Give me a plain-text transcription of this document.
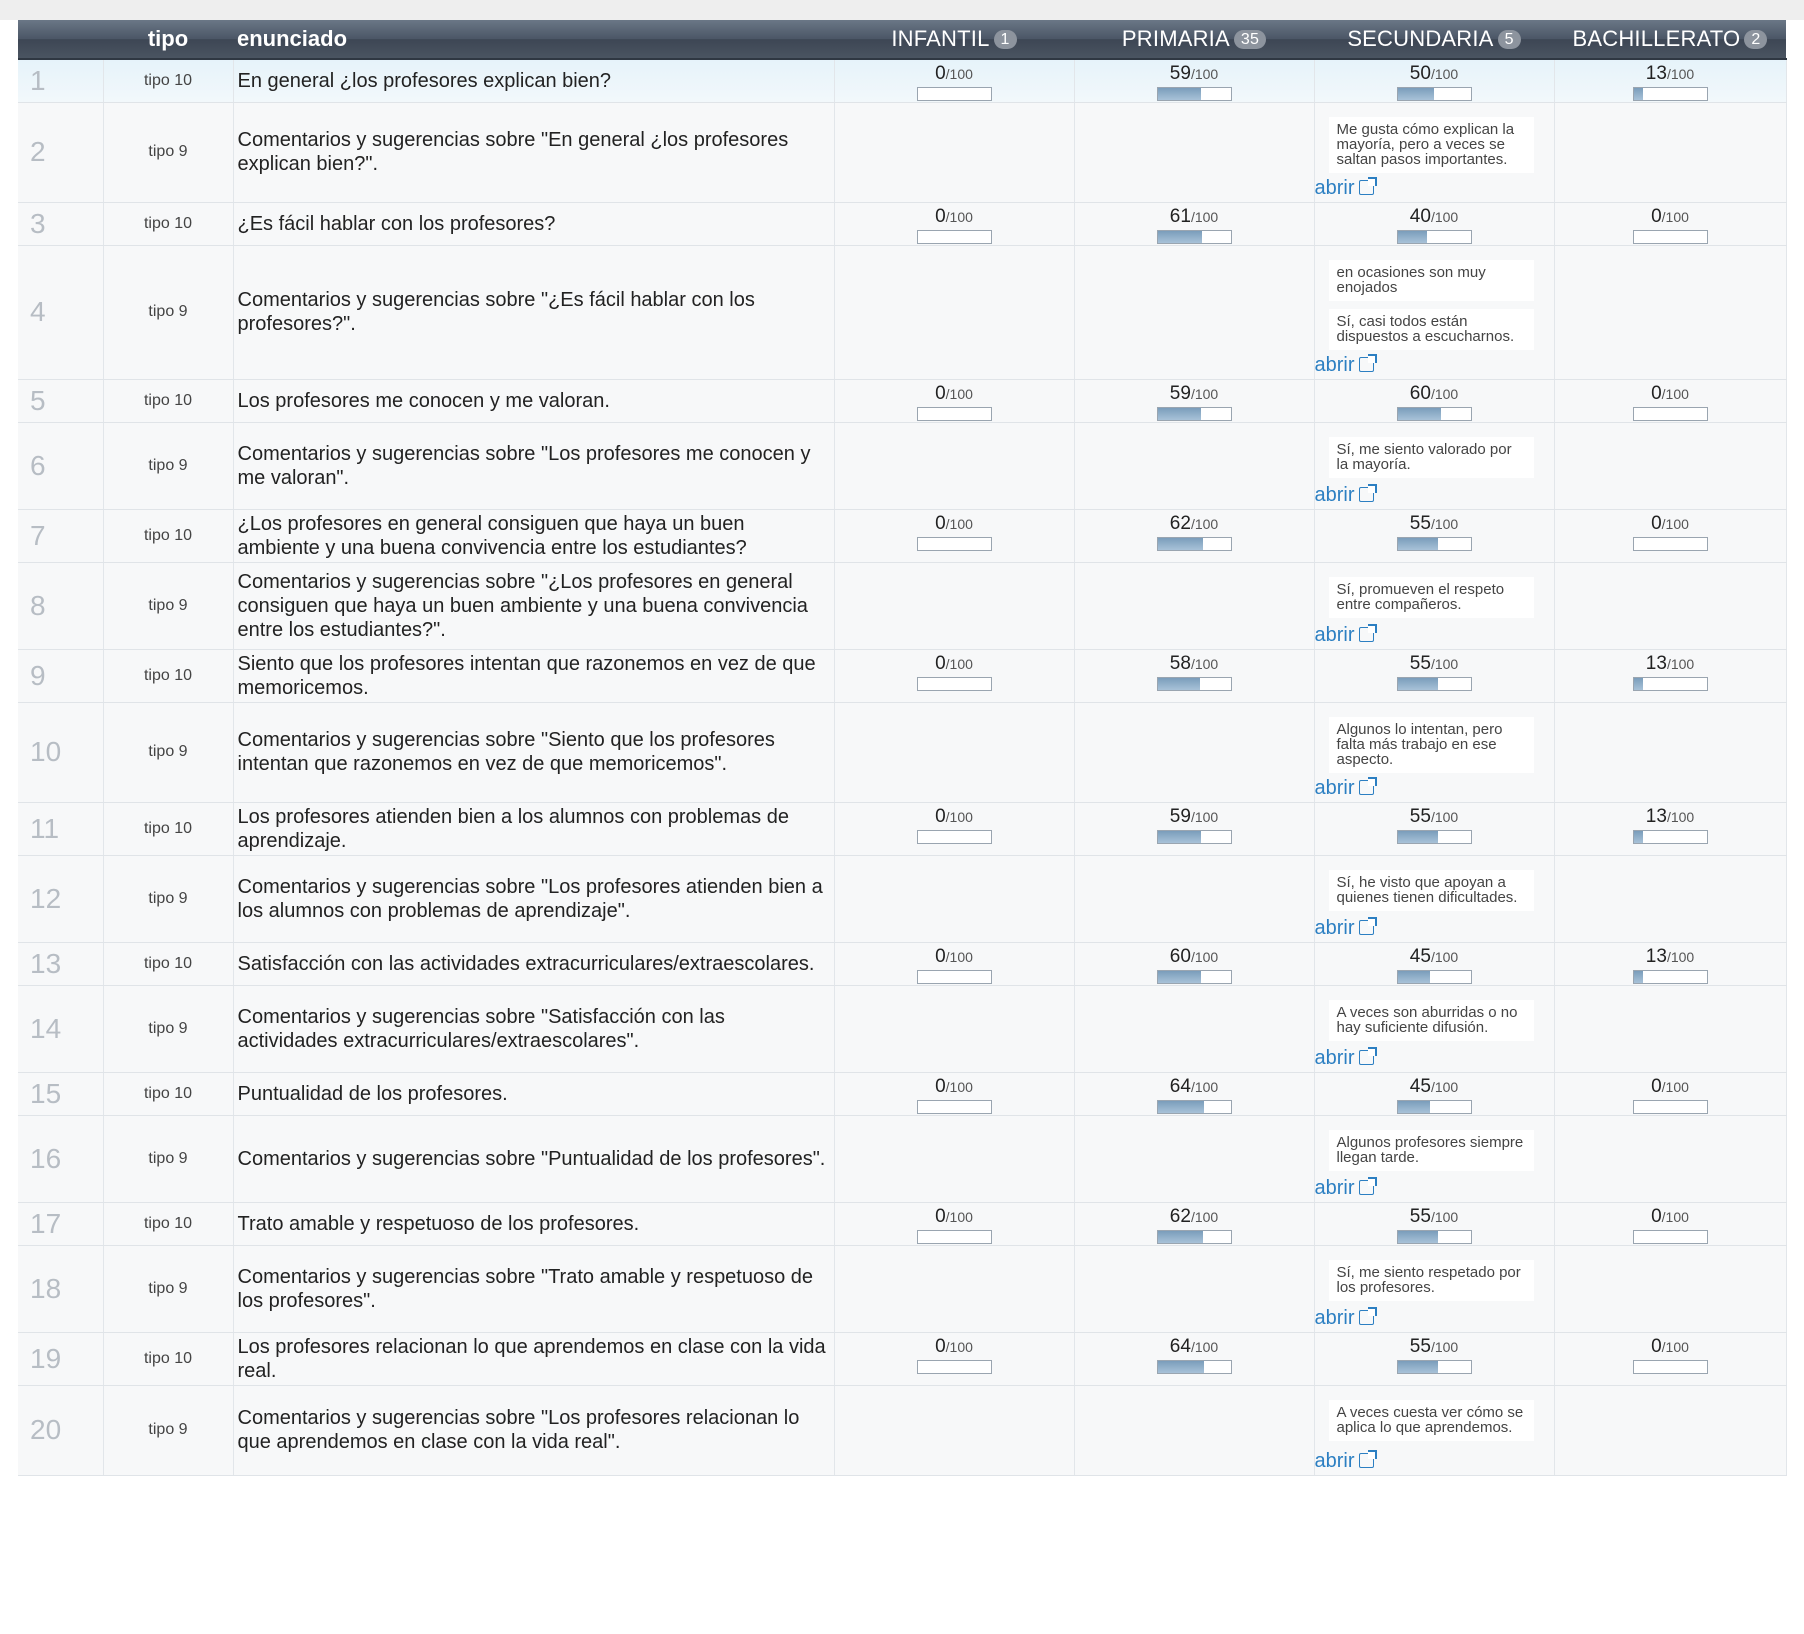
	tipo	enunciado	INFANTIL 1	PRIMARIA 35	SECUNDARIA 5	BACHILLERATO 2
1	tipo 10	En general ¿los profesores explican bien?	0/100	59/100	50/100	13/100

2	tipo 9	Comentarios y sugerencias sobre "En general ¿los profesores explican bien?".			Me gusta cómo explican la mayoría, pero a veces se saltan pasos importantes.
abrir	

3	tipo 10	¿Es fácil hablar con los profesores?	0/100	61/100	40/100	0/100

4	tipo 9	Comentarios y sugerencias sobre "¿Es fácil hablar con los profesores?".			en ocasiones son muy enojados
Sí, casi todos están dispuestos a escucharnos.
abrir	

5	tipo 10	Los profesores me conocen y me valoran.	0/100	59/100	60/100	0/100

6	tipo 9	Comentarios y sugerencias sobre "Los profesores me conocen y me valoran".			Sí, me siento valorado por la mayoría.
abrir	

7	tipo 10	¿Los profesores en general consiguen que haya un buen ambiente y una buena convivencia entre los estudiantes?	0/100	62/100	55/100	0/100

8	tipo 9	Comentarios y sugerencias sobre "¿Los profesores en general consiguen que haya un buen ambiente y una buena convivencia entre los estudiantes?".			Sí, promueven el respeto entre compañeros.
abrir	

9	tipo 10	Siento que los profesores intentan que razonemos en vez de que memoricemos.	0/100	58/100	55/100	13/100

10	tipo 9	Comentarios y sugerencias sobre "Siento que los profesores intentan que razonemos en vez de que memoricemos".			Algunos lo intentan, pero falta más trabajo en ese aspecto.
abrir	

11	tipo 10	Los profesores atienden bien a los alumnos con problemas de aprendizaje.	0/100	59/100	55/100	13/100

12	tipo 9	Comentarios y sugerencias sobre "Los profesores atienden bien a los alumnos con problemas de aprendizaje".			Sí, he visto que apoyan a quienes tienen dificultades.
abrir	

13	tipo 10	Satisfacción con las actividades extracurriculares/extraescolares.	0/100	60/100	45/100	13/100

14	tipo 9	Comentarios y sugerencias sobre "Satisfacción con las actividades extracurriculares/extraescolares".			A veces son aburridas o no hay suficiente difusión.
abrir	

15	tipo 10	Puntualidad de los profesores.	0/100	64/100	45/100	0/100

16	tipo 9	Comentarios y sugerencias sobre "Puntualidad de los profesores".			Algunos profesores siempre llegan tarde.
abrir	

17	tipo 10	Trato amable y respetuoso de los profesores.	0/100	62/100	55/100	0/100

18	tipo 9	Comentarios y sugerencias sobre "Trato amable y respetuoso de los profesores".			Sí, me siento respetado por los profesores.
abrir	

19	tipo 10	Los profesores relacionan lo que aprendemos en clase con la vida real.	0/100	64/100	55/100	0/100

20	tipo 9	Comentarios y sugerencias sobre "Los profesores relacionan lo que aprendemos en clase con la vida real".			A veces cuesta ver cómo se aplica lo que aprendemos.
abrir	
